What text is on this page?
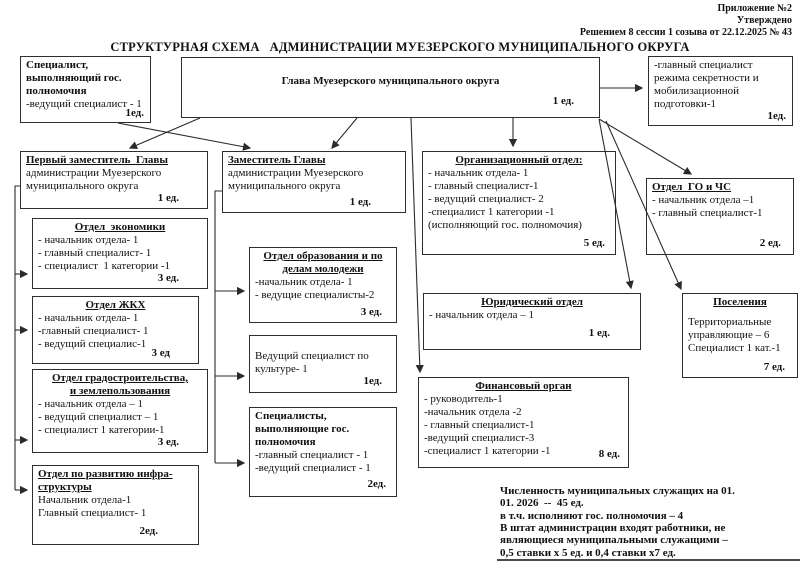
Приложение №2
Утверждено
Решением 8 сессии 1 созыва от 22.12.2025 № 43
СТРУКТУРНАЯ СХЕМА   АДМИНИСТРАЦИИ МУЕЗЕРСКОГО МУНИЦИПАЛЬНОГО ОКРУГА
Специалист,
выполняющий гос.
полномочия
-ведущий специалист - 1
1ед.
Глава Муезерского муниципального округа
1 ед.
-главный специалист
режима секретности и
мобилизационной
подготовки-1
1ед.
Первый заместитель  Главы
администрации Муезерского
муниципального округа
1 ед.
Заместитель Главы
администрации Муезерского
муниципального округа
1 ед.
Организационный отдел:
- начальник отдела- 1
- главный специалист-1
- ведущий специалист- 2
-специалист 1 категории -1
(исполняющий гос. полномочия)
5 ед.
Отдел  ГО и ЧС
- начальник отдела –1
- главный специалист-1
2 ед.
Отдел  экономики
- начальник отдела- 1
- главный специалист- 1
- специалист  1 категории -1
3 ед.
Отдел ЖКХ
- начальник отдела- 1
-главный специалист- 1
- ведущий специалис-1
3 ед
Отдел градостроительства,
и землепользования
- начальник отдела – 1
- ведущий специалист – 1
- специалист 1 категории-1
3 ед.
Отдел по развитию инфра-
структуры
Начальник отдела-1
Главный специалист- 1
2ед.
Отдел образования и по
делам молодежи
-начальник отдела- 1
- ведущие специалисты-2
3 ед.
Ведущий специалист по
культуре- 1
1ед.
Специалисты,
выполняющие гос.
полномочия
-главный специалист - 1
-ведущий специалист - 1
2ед.
Юридический отдел
- начальник отдела – 1
1 ед.
Финансовый орган
- руководитель-1
-начальник отдела -2
- главный специалист-1
-ведущий специалист-3
-специалист 1 категории -1	8 ед.
Поселения
Территориальные
управляющие – 6
Специалист 1 кат.-1
7 ед.
Численность муниципальных служащих на 01.
01. 2026  --  45 ед.
в т.ч. исполняют гос. полномочия – 4
В штат администрации входят работники, не
являющиеся муниципальными служащими –
0,5 ставки х 5 ед. и 0,4 ставки х7 ед.
